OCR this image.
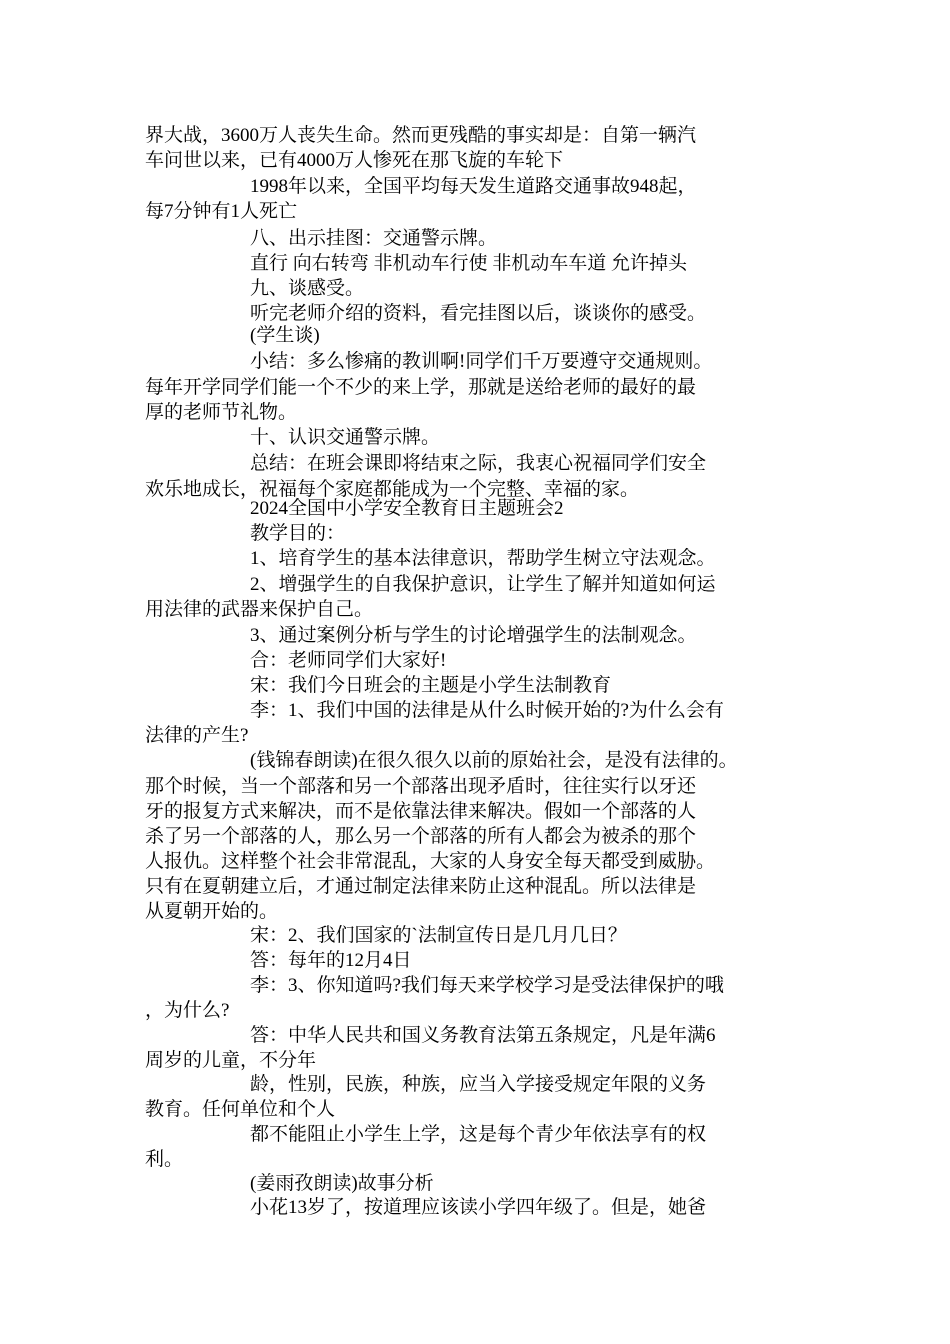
界大战，3600万人丧失生命。然而更残酷的事实却是：自第一辆汽
车问世以来，已有4000万人惨死在那飞旋的车轮下
1998年以来，全国平均每天发生道路交通事故948起，
每7分钟有1人死亡
八、出示挂图：交通警示牌。
直行 向右转弯 非机动车行使 非机动车车道 允许掉头
九、谈感受。
听完老师介绍的资料，看完挂图以后，谈谈你的感受。
(学生谈)
小结：多么惨痛的教训啊!同学们千万要遵守交通规则。
每年开学同学们能一个不少的来上学，那就是送给老师的最好的最
厚的老师节礼物。
十、认识交通警示牌。
总结：在班会课即将结束之际，我衷心祝福同学们安全
欢乐地成长，祝福每个家庭都能成为一个完整、幸福的家。
2024全国中小学安全教育日主题班会2
教学目的：
1、培育学生的基本法律意识，帮助学生树立守法观念。
2、增强学生的自我保护意识，让学生了解并知道如何运
用法律的武器来保护自己。
3、通过案例分析与学生的讨论增强学生的法制观念。
合：老师同学们大家好!
宋：我们今日班会的主题是小学生法制教育
李：1、我们中国的法律是从什么时候开始的?为什么会有
法律的产生?
(钱锦春朗读)在很久很久以前的原始社会，是没有法律的。
那个时候，当一个部落和另一个部落出现矛盾时，往往实行以牙还
牙的报复方式来解决，而不是依靠法律来解决。假如一个部落的人
杀了另一个部落的人，那么另一个部落的所有人都会为被杀的那个
人报仇。这样整个社会非常混乱，大家的人身安全每天都受到威胁。
只有在夏朝建立后，才通过制定法律来防止这种混乱。所以法律是
从夏朝开始的。
宋：2、我们国家的`法制宣传日是几月几日？
答：每年的12月4日
李：3、你知道吗?我们每天来学校学习是受法律保护的哦
，为什么?
答：中华人民共和国义务教育法第五条规定，凡是年满6
周岁的儿童，不分年
龄，性别，民族，种族，应当入学接受规定年限的义务
教育。任何单位和个人
都不能阻止小学生上学，这是每个青少年依法享有的权
利。
(姜雨孜朗读)故事分析
小花13岁了，按道理应该读小学四年级了。但是，她爸
